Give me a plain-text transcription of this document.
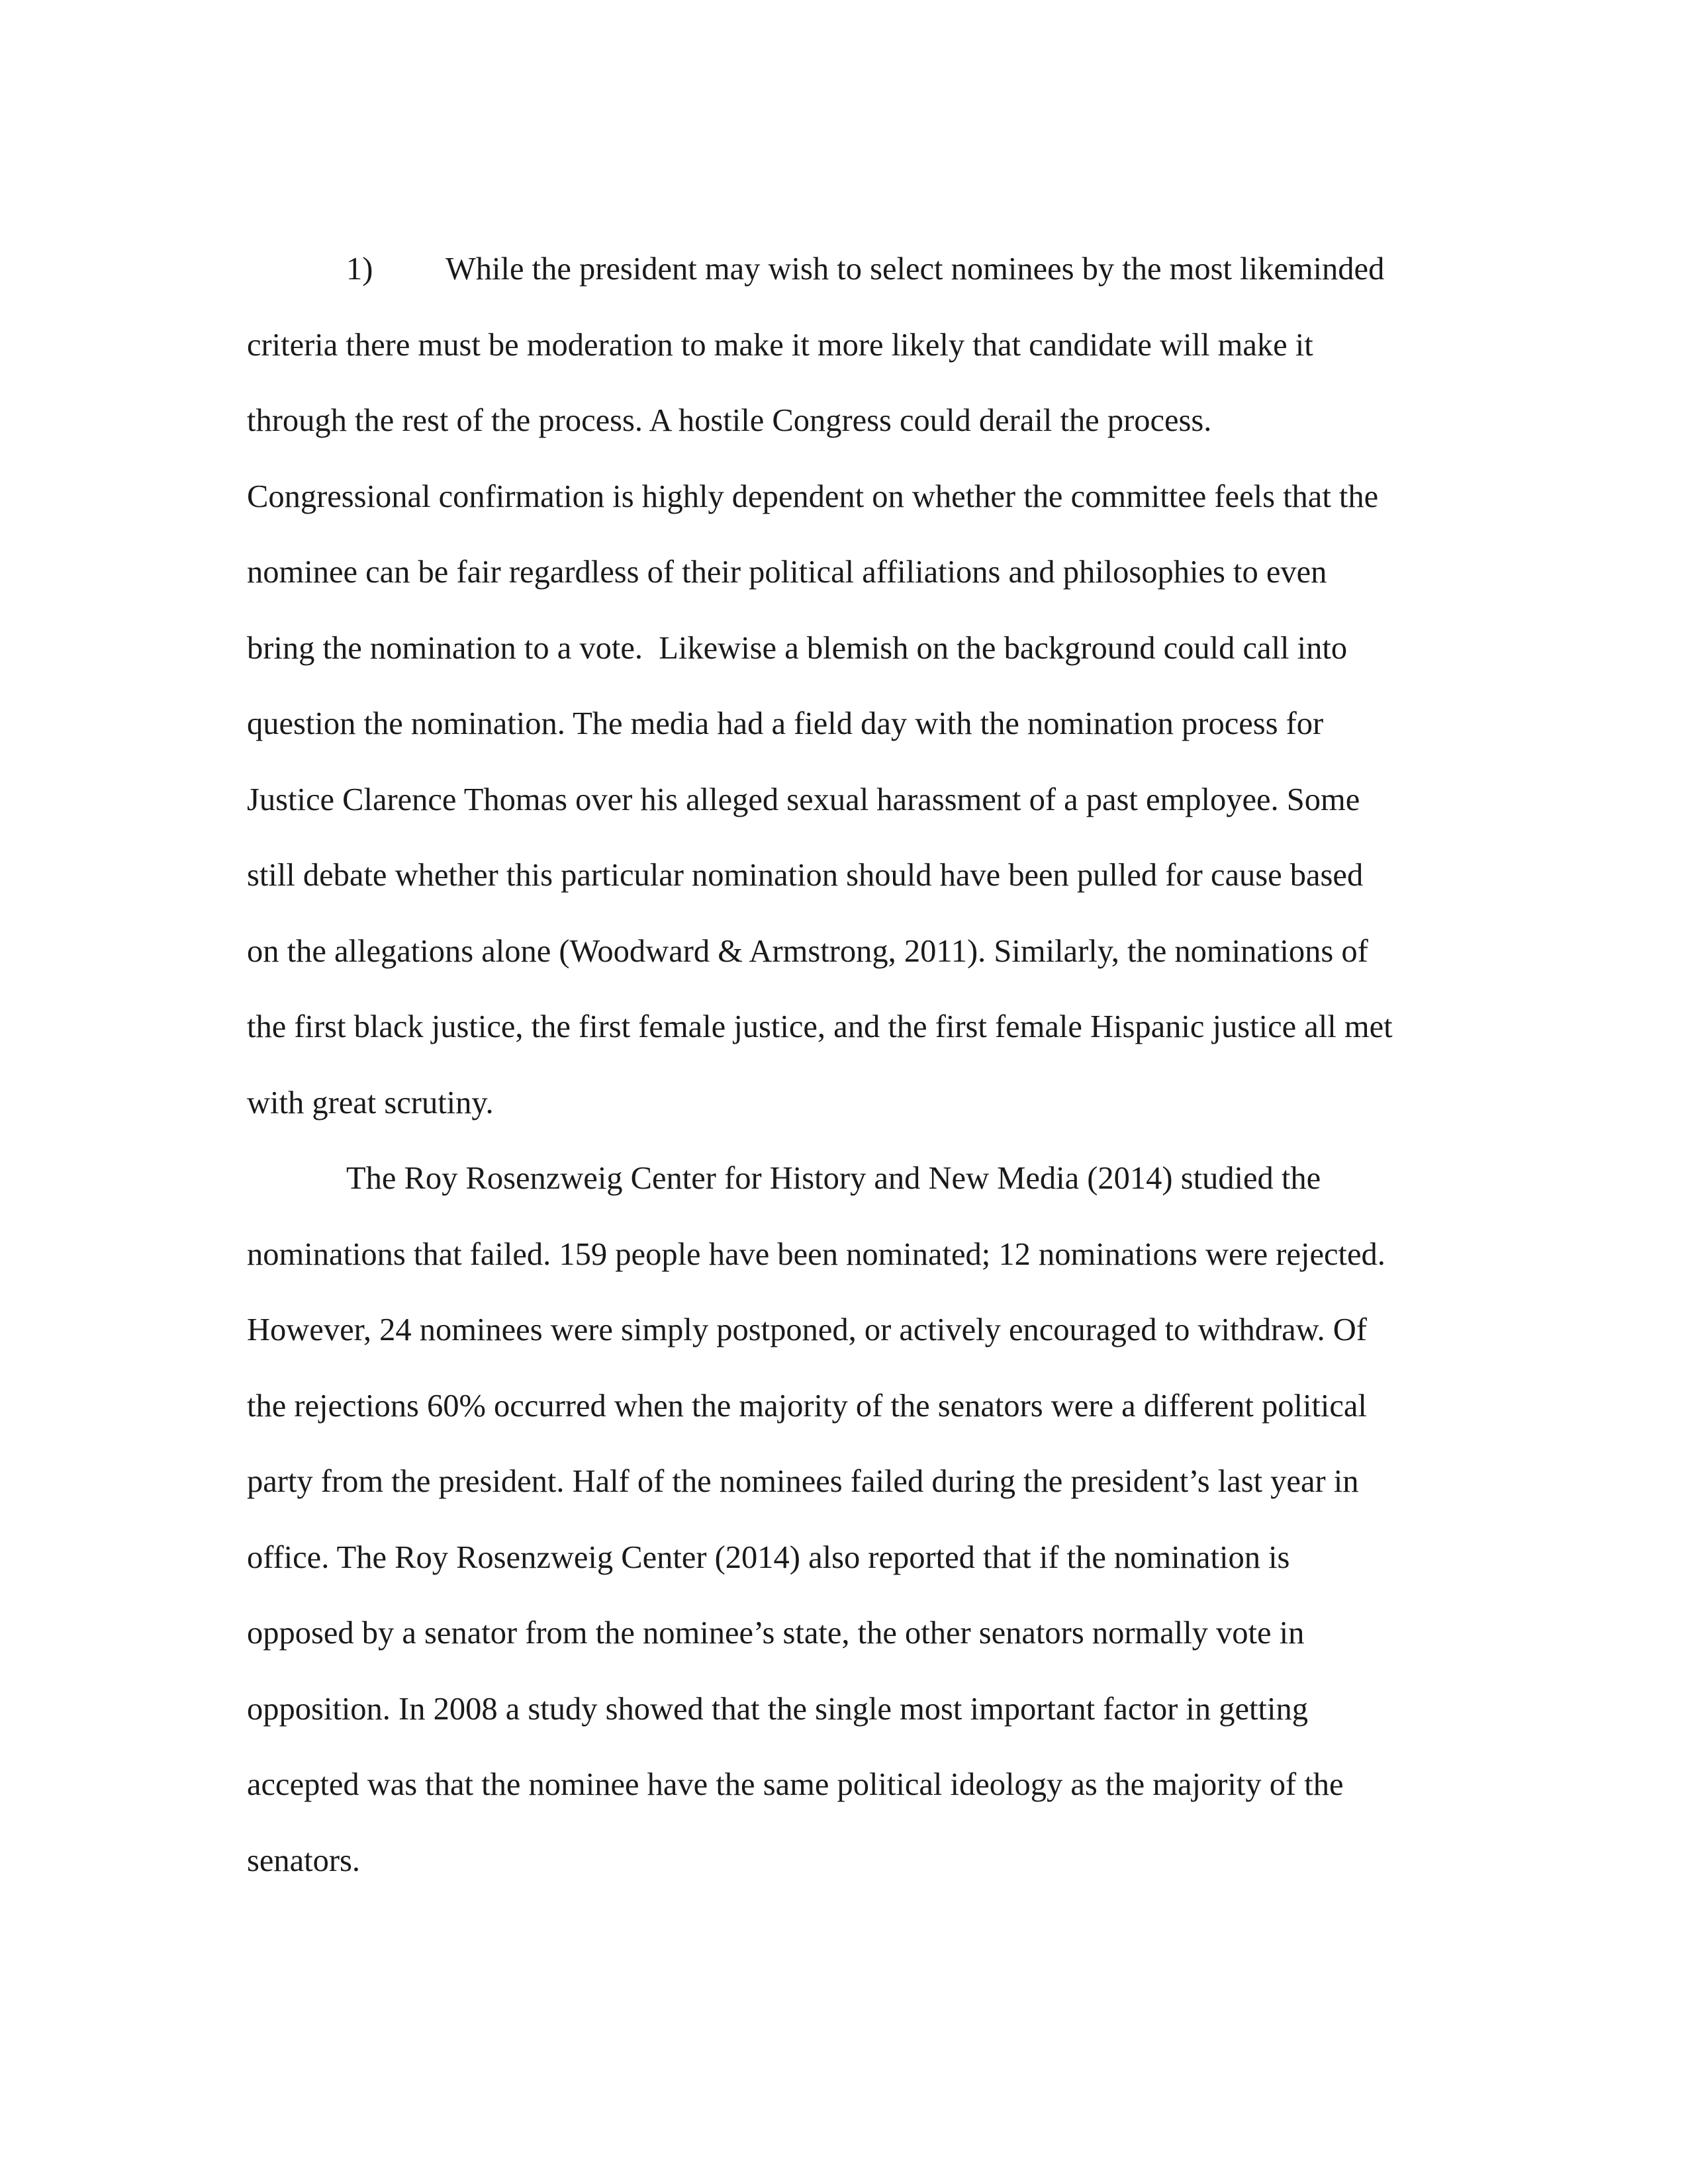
1) While the president may wish to select nominees by the most likeminded
criteria there must be moderation to make it more likely that candidate will make it
through the rest of the process. A hostile Congress could derail the process.
Congressional confirmation is highly dependent on whether the committee feels that the
nominee can be fair regardless of their political affiliations and philosophies to even
bring the nomination to a vote.  Likewise a blemish on the background could call into
question the nomination. The media had a field day with the nomination process for
Justice Clarence Thomas over his alleged sexual harassment of a past employee. Some
still debate whether this particular nomination should have been pulled for cause based
on the allegations alone (Woodward & Armstrong, 2011). Similarly, the nominations of
the first black justice, the first female justice, and the first female Hispanic justice all met
with great scrutiny.
The Roy Rosenzweig Center for History and New Media (2014) studied the
nominations that failed. 159 people have been nominated; 12 nominations were rejected.
However, 24 nominees were simply postponed, or actively encouraged to withdraw. Of
the rejections 60% occurred when the majority of the senators were a different political
party from the president. Half of the nominees failed during the president’s last year in
office. The Roy Rosenzweig Center (2014) also reported that if the nomination is
opposed by a senator from the nominee’s state, the other senators normally vote in
opposition. In 2008 a study showed that the single most important factor in getting
accepted was that the nominee have the same political ideology as the majority of the
senators.
